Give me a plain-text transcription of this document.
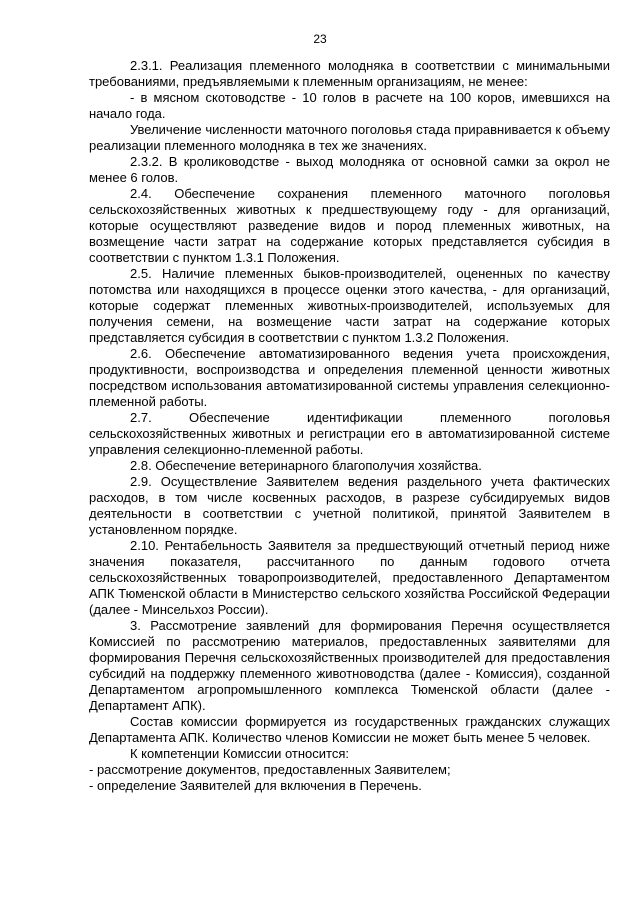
23

2.3.1. Реализация племенного молодняка в соответствии с минимальными требованиями, предъявляемыми к племенным организациям, не менее:

- в мясном скотоводстве - 10 голов в расчете на 100 коров, имевшихся на начало года.

Увеличение численности маточного поголовья стада приравнивается к объему реализации племенного молодняка в тех же значениях.

2.3.2. В кролиководстве - выход молодняка от основной самки за окрол не менее 6 голов.

2.4. Обеспечение сохранения племенного маточного поголовья сельскохозяйственных животных к предшествующему году - для организаций, которые осуществляют разведение видов и пород племенных животных, на возмещение части затрат на содержание которых представляется субсидия в соответствии с пунктом 1.3.1 Положения.

2.5. Наличие племенных быков-производителей, оцененных по качеству потомства или находящихся в процессе оценки этого качества, - для организаций, которые содержат племенных животных-производителей, используемых для получения семени, на возмещение части затрат на содержание которых представляется субсидия в соответствии с пунктом 1.3.2 Положения.

2.6. Обеспечение автоматизированного ведения учета происхождения, продуктивности, воспроизводства и определения племенной ценности животных посредством использования автоматизированной системы управления селекционно-племенной работы.

2.7. Обеспечение идентификации племенного поголовья сельскохозяйственных животных и регистрации его в автоматизированной системе управления селекционно-племенной работы.

2.8. Обеспечение ветеринарного благополучия хозяйства.

2.9. Осуществление Заявителем ведения раздельного учета фактических расходов, в том числе косвенных расходов, в разрезе субсидируемых видов деятельности в соответствии с учетной политикой, принятой Заявителем в установленном порядке.

2.10. Рентабельность Заявителя за предшествующий отчетный период ниже значения показателя, рассчитанного по данным годового отчета сельскохозяйственных товаропроизводителей, предоставленного Департаментом АПК Тюменской области в Министерство сельского хозяйства Российской Федерации (далее - Минсельхоз России).

3. Рассмотрение заявлений для формирования Перечня осуществляется Комиссией по рассмотрению материалов, предоставленных заявителями для формирования Перечня сельскохозяйственных производителей для предоставления субсидий на поддержку племенного животноводства (далее - Комиссия), созданной Департаментом агропромышленного комплекса Тюменской области (далее - Департамент АПК).

Состав комиссии формируется из государственных гражданских служащих Департамента АПК. Количество членов Комиссии не может быть менее 5 человек.

К компетенции Комиссии относится:

- рассмотрение документов, предоставленных Заявителем;

- определение Заявителей для включения в Перечень.
